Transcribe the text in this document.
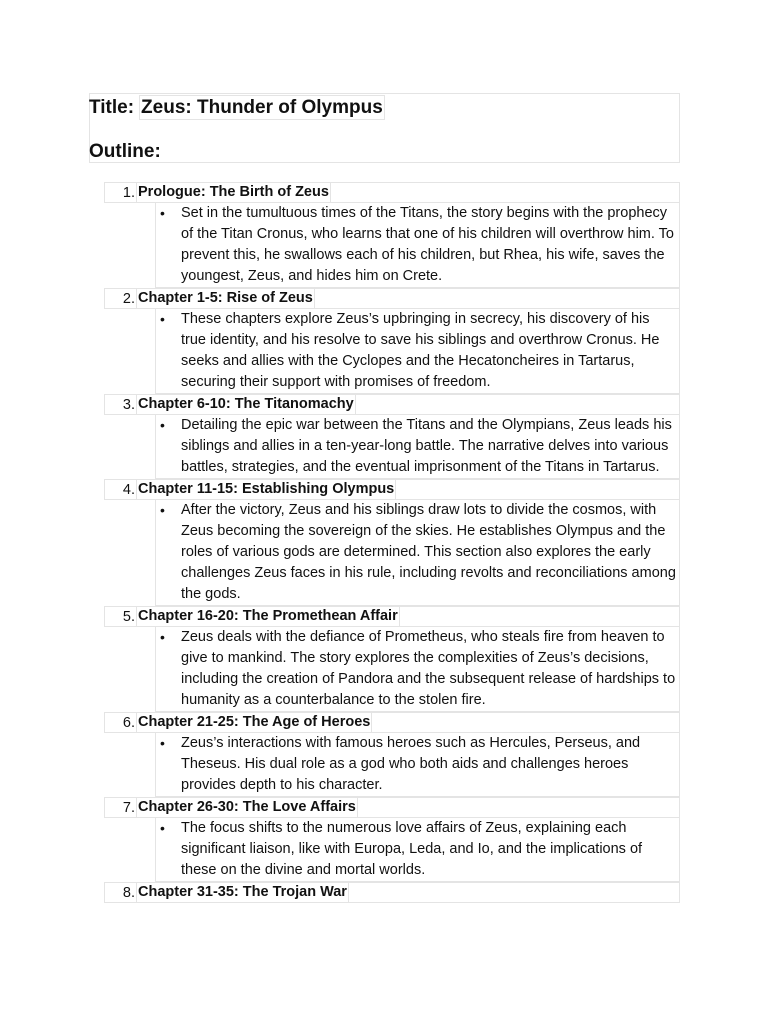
Title: Zeus: Thunder of Olympus
Outline:
1. Prologue: The Birth of Zeus
• Set in the tumultuous times of the Titans, the story begins with the prophecy of the Titan Cronus, who learns that one of his children will overthrow him. To prevent this, he swallows each of his children, but Rhea, his wife, saves the youngest, Zeus, and hides him on Crete.
2. Chapter 1-5: Rise of Zeus
• These chapters explore Zeus’s upbringing in secrecy, his discovery of his true identity, and his resolve to save his siblings and overthrow Cronus. He seeks and allies with the Cyclopes and the Hecatoncheires in Tartarus, securing their support with promises of freedom.
3. Chapter 6-10: The Titanomachy
• Detailing the epic war between the Titans and the Olympians, Zeus leads his siblings and allies in a ten-year-long battle. The narrative delves into various battles, strategies, and the eventual imprisonment of the Titans in Tartarus.
4. Chapter 11-15: Establishing Olympus
• After the victory, Zeus and his siblings draw lots to divide the cosmos, with Zeus becoming the sovereign of the skies. He establishes Olympus and the roles of various gods are determined. This section also explores the early challenges Zeus faces in his rule, including revolts and reconciliations among the gods.
5. Chapter 16-20: The Promethean Affair
• Zeus deals with the defiance of Prometheus, who steals fire from heaven to give to mankind. The story explores the complexities of Zeus’s decisions, including the creation of Pandora and the subsequent release of hardships to humanity as a counterbalance to the stolen fire.
6. Chapter 21-25: The Age of Heroes
• Zeus’s interactions with famous heroes such as Hercules, Perseus, and Theseus. His dual role as a god who both aids and challenges heroes provides depth to his character.
7. Chapter 26-30: The Love Affairs
• The focus shifts to the numerous love affairs of Zeus, explaining each significant liaison, like with Europa, Leda, and Io, and the implications of these on the divine and mortal worlds.
8. Chapter 31-35: The Trojan War
